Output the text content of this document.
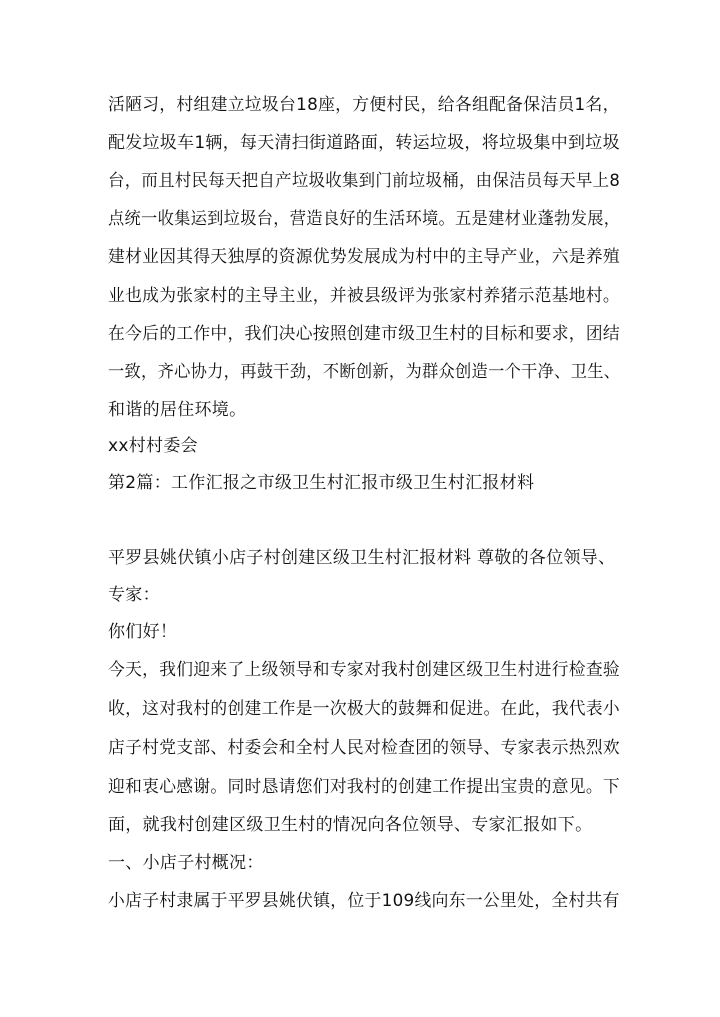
活陋习，村组建立垃圾台18座，方便村民，给各组配备保洁员1名，
配发垃圾车1辆，每天清扫街道路面，转运垃圾，将垃圾集中到垃圾
台，而且村民每天把自产垃圾收集到门前垃圾桶，由保洁员每天早上8
点统一收集运到垃圾台，营造良好的生活环境。五是建材业蓬勃发展，
建材业因其得天独厚的资源优势发展成为村中的主导产业，六是养殖
业也成为张家村的主导主业，并被县级评为张家村养猪示范基地村。
在今后的工作中，我们决心按照创建市级卫生村的目标和要求，团结
一致，齐心协力，再鼓干劲，不断创新，为群众创造一个干净、卫生、
和谐的居住环境。
xx村村委会
第2篇：工作汇报之市级卫生村汇报市级卫生村汇报材料
平罗县姚伏镇小店子村创建区级卫生村汇报材料 尊敬的各位领导、
专家：
你们好！
今天，我们迎来了上级领导和专家对我村创建区级卫生村进行检查验
收，这对我村的创建工作是一次极大的鼓舞和促进。在此，我代表小
店子村党支部、村委会和全村人民对检查团的领导、专家表示热烈欢
迎和衷心感谢。同时恳请您们对我村的创建工作提出宝贵的意见。下
面，就我村创建区级卫生村的情况向各位领导、专家汇报如下。
一、小店子村概况：
小店子村隶属于平罗县姚伏镇，位于109线向东一公里处，全村共有
